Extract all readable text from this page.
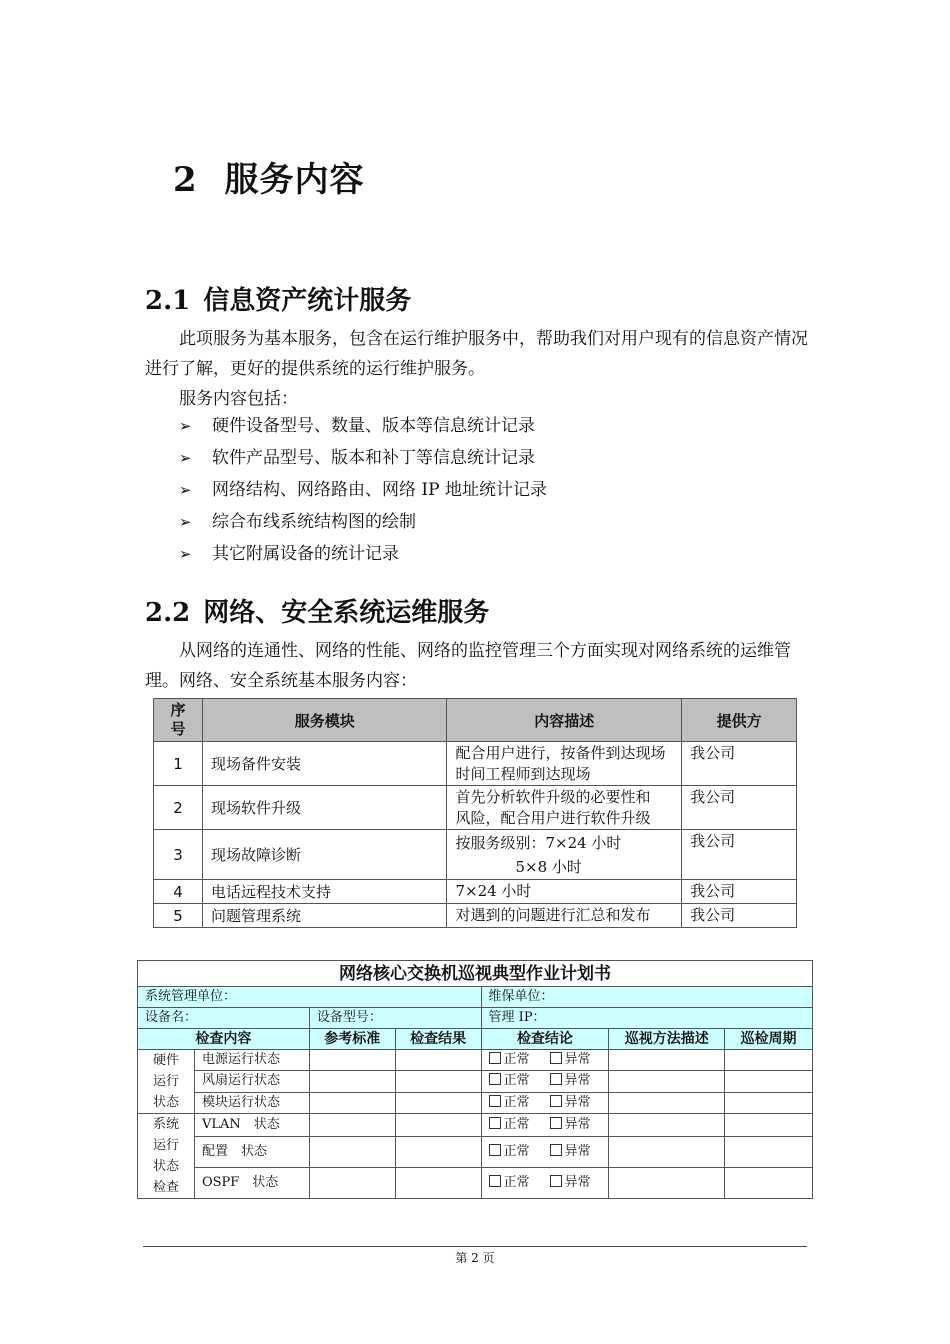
2 服务内容
2.1 信息资产统计服务
此项服务为基本服务，包含在运行维护服务中，帮助我们对用户现有的信息资产情况进行了解，更好的提供系统的运行维护服务。
服务内容包括：
➢ 硬件设备型号、数量、版本等信息统计记录
➢ 软件产品型号、版本和补丁等信息统计记录
➢ 网络结构、网络路由、网络 IP 地址统计记录
➢ 综合布线系统结构图的绘制
➢ 其它附属设备的统计记录
2.2 网络、安全系统运维服务
从网络的连通性、网络的性能、网络的监控管理三个方面实现对网络系统的运维管理。网络、安全系统基本服务内容：
序号	服务模块	内容描述	提供方
1	现场备件安装	配合用户进行，按备件到达现场
时间工程师到达现场	我公司
2	现场软件升级	首先分析软件升级的必要性和
风险，配合用户进行软件升级	我公司
3	现场故障诊断	按服务级别：7×24 小时
5×8 小时	我公司
4	电话远程技术支持	7×24 小时	我公司
5	问题管理系统	对遇到的问题进行汇总和发布	我公司
网络核心交换机巡视典型作业计划书						
系统管理单位：				维保单位：		
设备名：		设备型号：		管理 IP：		
检查内容		参考标准	检查结果	检查结论	巡视方法描述	巡检周期

硬件运行状态	电源运行状态			正常 异常		
	风扇运行状态			正常 异常		
	模块运行状态			正常 异常		

系统运行状态检查	VLAN　状态			正常 异常		
	配置　状态			正常 异常		
	OSPF　状态			正常 异常		
第 2 页
